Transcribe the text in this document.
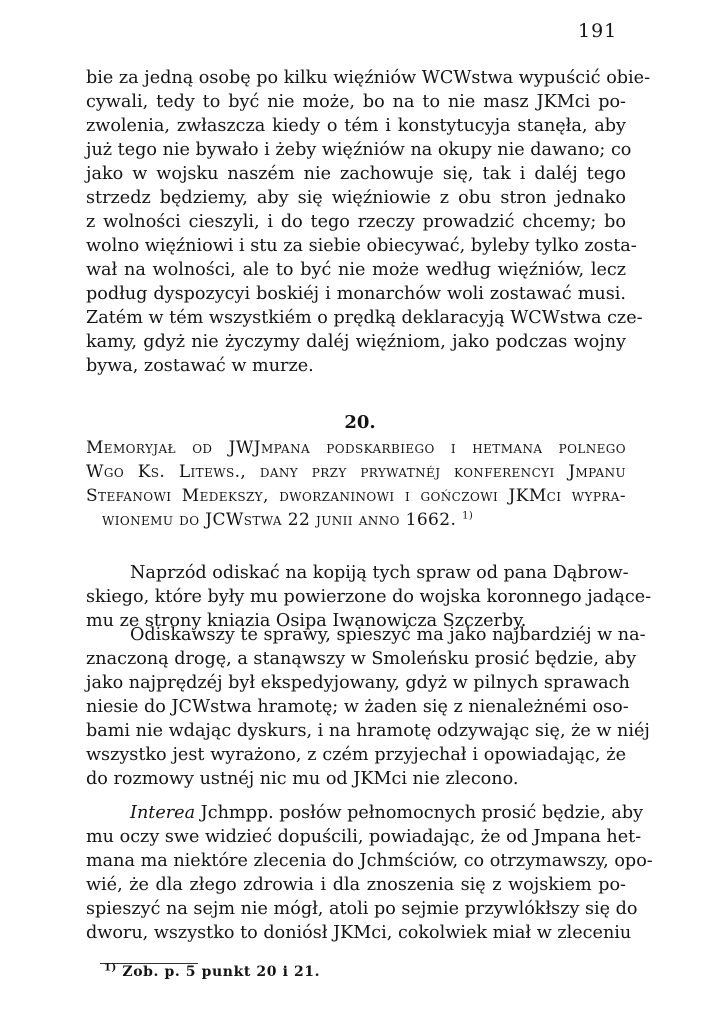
191
bie za jedną osobę po kilku więźniów WCWstwa wypuścić obie-
cywali, tedy to być nie może, bo na to nie masz JKMci po-
zwolenia, zwłaszcza kiedy o tém i konstytucyja stanęła, aby
już tego nie bywało i żeby więźniów na okupy nie dawano; co
jako w wojsku naszém nie zachowuje się, tak i daléj tego
strzedz będziemy, aby się więźniowie z obu stron jednako
z wolności cieszyli, i do tego rzeczy prowadzić chcemy; bo
wolno więźniowi i stu za siebie obiecywać, byleby tylko zosta-
wał na wolności, ale to być nie może według więźniów, lecz
podług dyspozycyi boskiéj i monarchów woli zostawać musi.
Zatém w tém wszystkiém o prędką deklaracyją WCWstwa cze-
kamy, gdyż nie życzymy daléj więźniom, jako podczas wojny
bywa, zostawać w murze.
20.
Memoryjał od JWJmpana podskarbiego i hetmana polnego
Wgo Ks. Litews., dany przy prywatnéj konferencyi Jmpanu
Stefanowi Medekszy, dworzaninowi i gończowi JKMci wypra-
wionemu do JCWstwa 22 junii anno 1662. $^{1)}$
Naprzód odiskać na kopiją tych spraw od pana Dąbrow-
skiego, które były mu powierzone do wojska koronnego jadące-
mu ze strony kniazia Osipa Iwanowicza Szczerby.
Odiskawszy te sprawy, spieszyć ma jako najbardziéj w na-
znaczoną drogę, a stanąwszy w Smoleńsku prosić będzie, aby
jako najprędzéj był ekspedyjowany, gdyż w pilnych sprawach
niesie do JCWstwa hramotę; w żaden się z nienależnémi oso-
bami nie wdając dyskurs, i na hramotę odzywając się, że w niéj
wszystko jest wyrażono, z czém przyjechał i opowiadając, że
do rozmowy ustnéj nic mu od JKMci nie zlecono.
Interea Jchmpp. posłów pełnomocnych prosić będzie, aby
mu oczy swe widzieć dopuścili, powiadając, że od Jmpana het-
mana ma niektóre zlecenia do Jchmściów, co otrzymawszy, opo-
wié, że dla złego zdrowia i dla znoszenia się z wojskiem po-
spieszyć na sejm nie mógł, atoli po sejmie przywlókłszy się do
dworu, wszystko to doniósł JKMci, cokolwiek miał w zleceniu
$^{1)}$ Zob. p. 5 punkt 20 i 21.
